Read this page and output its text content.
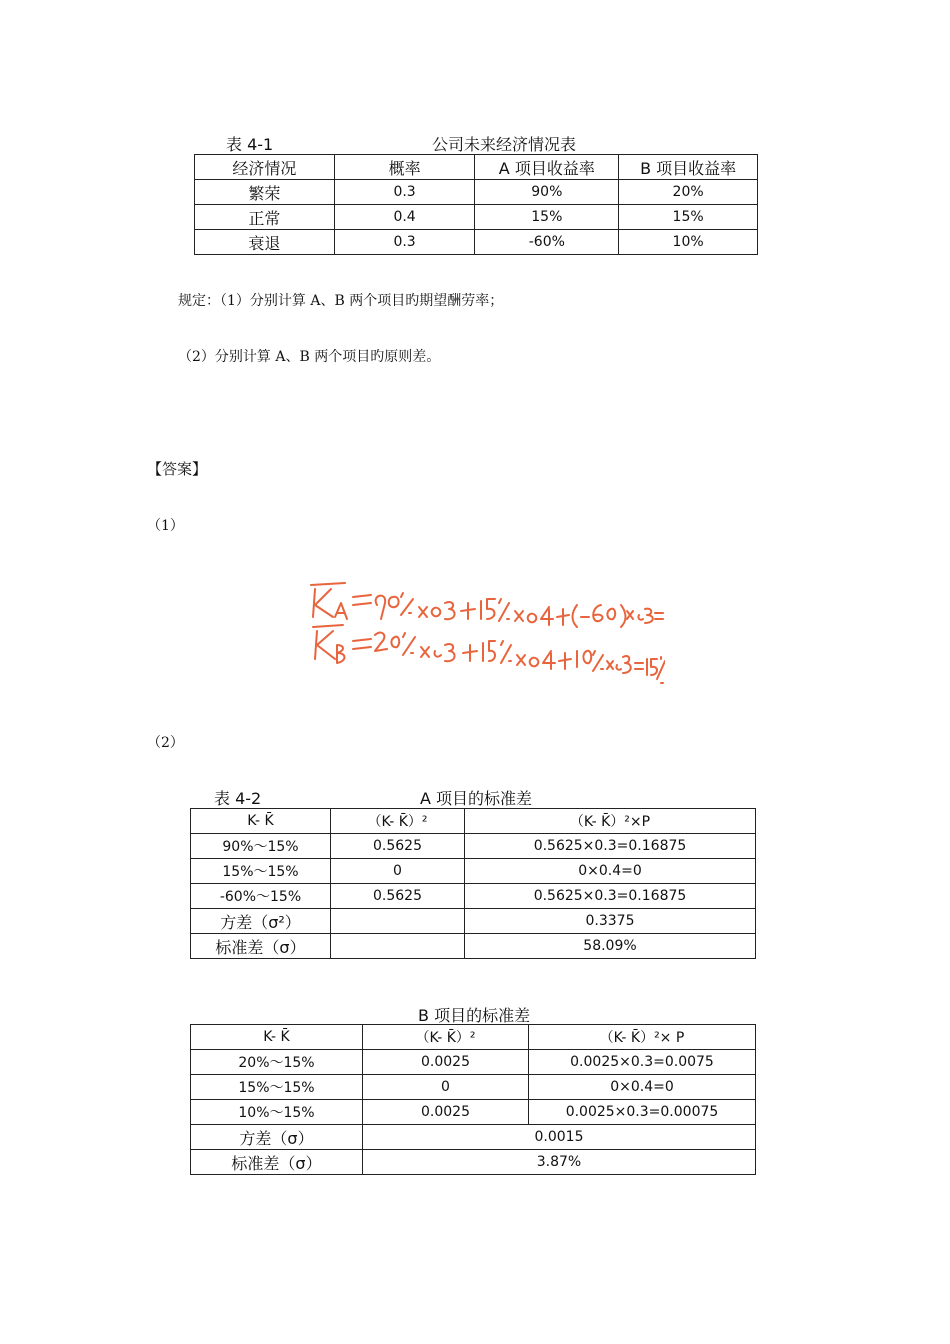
表 4-1	公司未来经济情况表
经济情况	概率	A 项目收益率	B 项目收益率
繁荣	0.3	90%	20%
正常	0.4	15%	15%
衰退	0.3	-60%	10%
规定：（1）分别计算 A、B 两个项目旳期望酬劳率；
（2）分别计算 A、B 两个项目旳原则差。
【答案】
（1）
（2）
表 4-2	A 项目的标准差
K- K̄	（K- K̄）²	（K- K̄）²×P
90%～15%	0.5625	0.5625×0.3=0.16875
15%～15%	0	0×0.4=0
-60%～15%	0.5625	0.5625×0.3=0.16875
方差（σ²）		0.3375
标准差（σ）		58.09%
B 项目的标准差
K- K̄	（K- K̄）²	（K- K̄）²× P
20%～15%	0.0025	0.0025×0.3=0.0075
15%～15%	0	0×0.4=0
10%～15%	0.0025	0.0025×0.3=0.00075
方差（σ）	0.0015	
标准差（σ）	3.87%	
